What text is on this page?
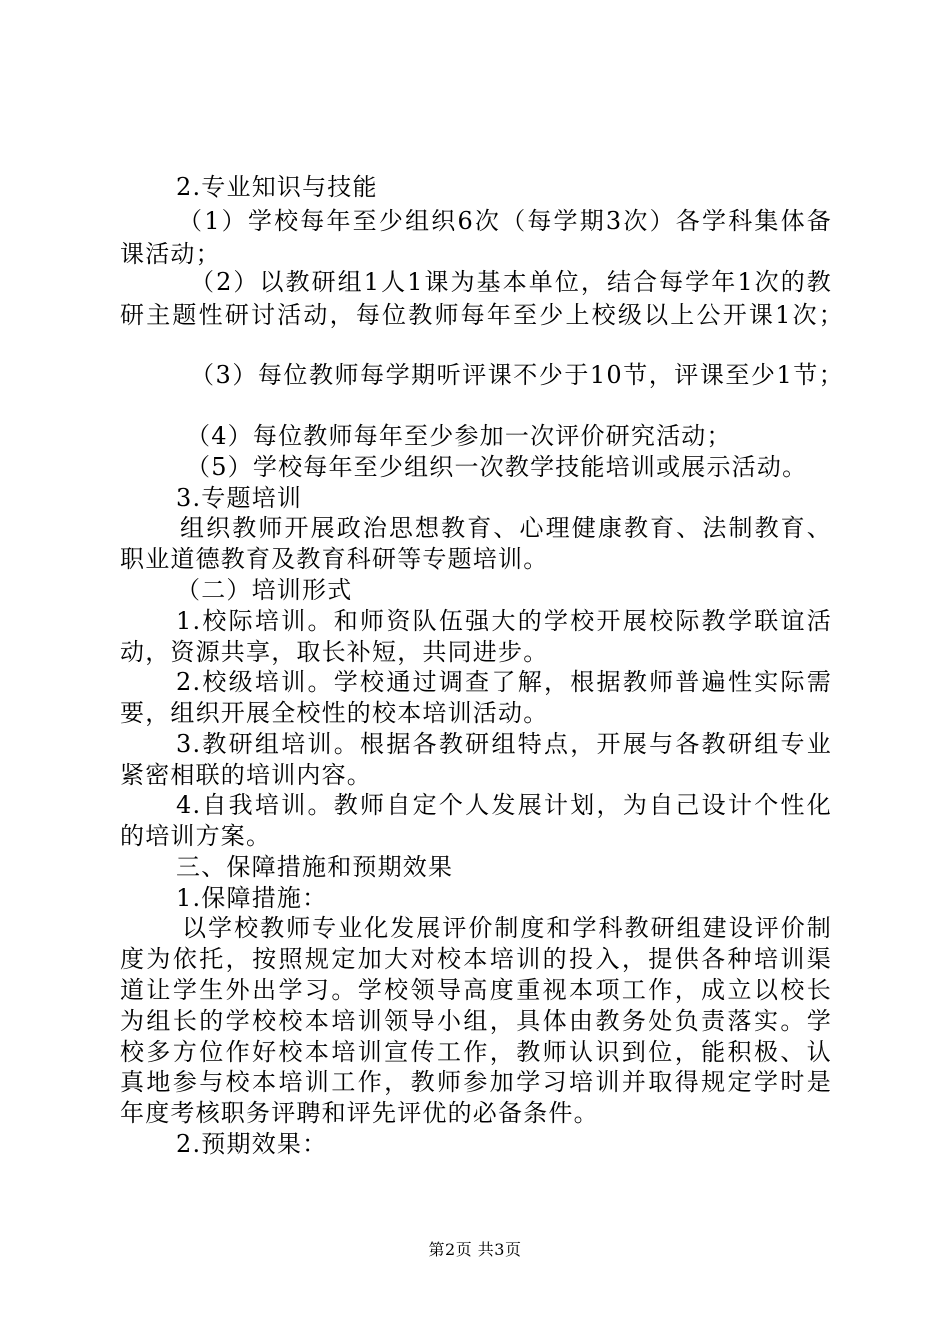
2.专业知识与技能
（1）学校每年至少组织6次（每学期3次）各学科集体备
课活动；
（2）以教研组1人1课为基本单位，结合每学年1次的教
研主题性研讨活动，每位教师每年至少上校级以上公开课1次；
（3）每位教师每学期听评课不少于10节，评课至少1节；
（4）每位教师每年至少参加一次评价研究活动；
（5）学校每年至少组织一次教学技能培训或展示活动。
3.专题培训
组织教师开展政治思想教育、心理健康教育、法制教育、
职业道德教育及教育科研等专题培训。
（二）培训形式
1.校际培训。和师资队伍强大的学校开展校际教学联谊活
动，资源共享，取长补短，共同进步。
2.校级培训。学校通过调查了解，根据教师普遍性实际需
要，组织开展全校性的校本培训活动。
3.教研组培训。根据各教研组特点，开展与各教研组专业
紧密相联的培训内容。
4.自我培训。教师自定个人发展计划，为自己设计个性化
的培训方案。
三、保障措施和预期效果
1.保障措施：
以学校教师专业化发展评价制度和学科教研组建设评价制
度为依托，按照规定加大对校本培训的投入，提供各种培训渠
道让学生外出学习。学校领导高度重视本项工作，成立以校长
为组长的学校校本培训领导小组，具体由教务处负责落实。学
校多方位作好校本培训宣传工作，教师认识到位，能积极、认
真地参与校本培训工作，教师参加学习培训并取得规定学时是
年度考核职务评聘和评先评优的必备条件。
2.预期效果：
第2页 共3页
